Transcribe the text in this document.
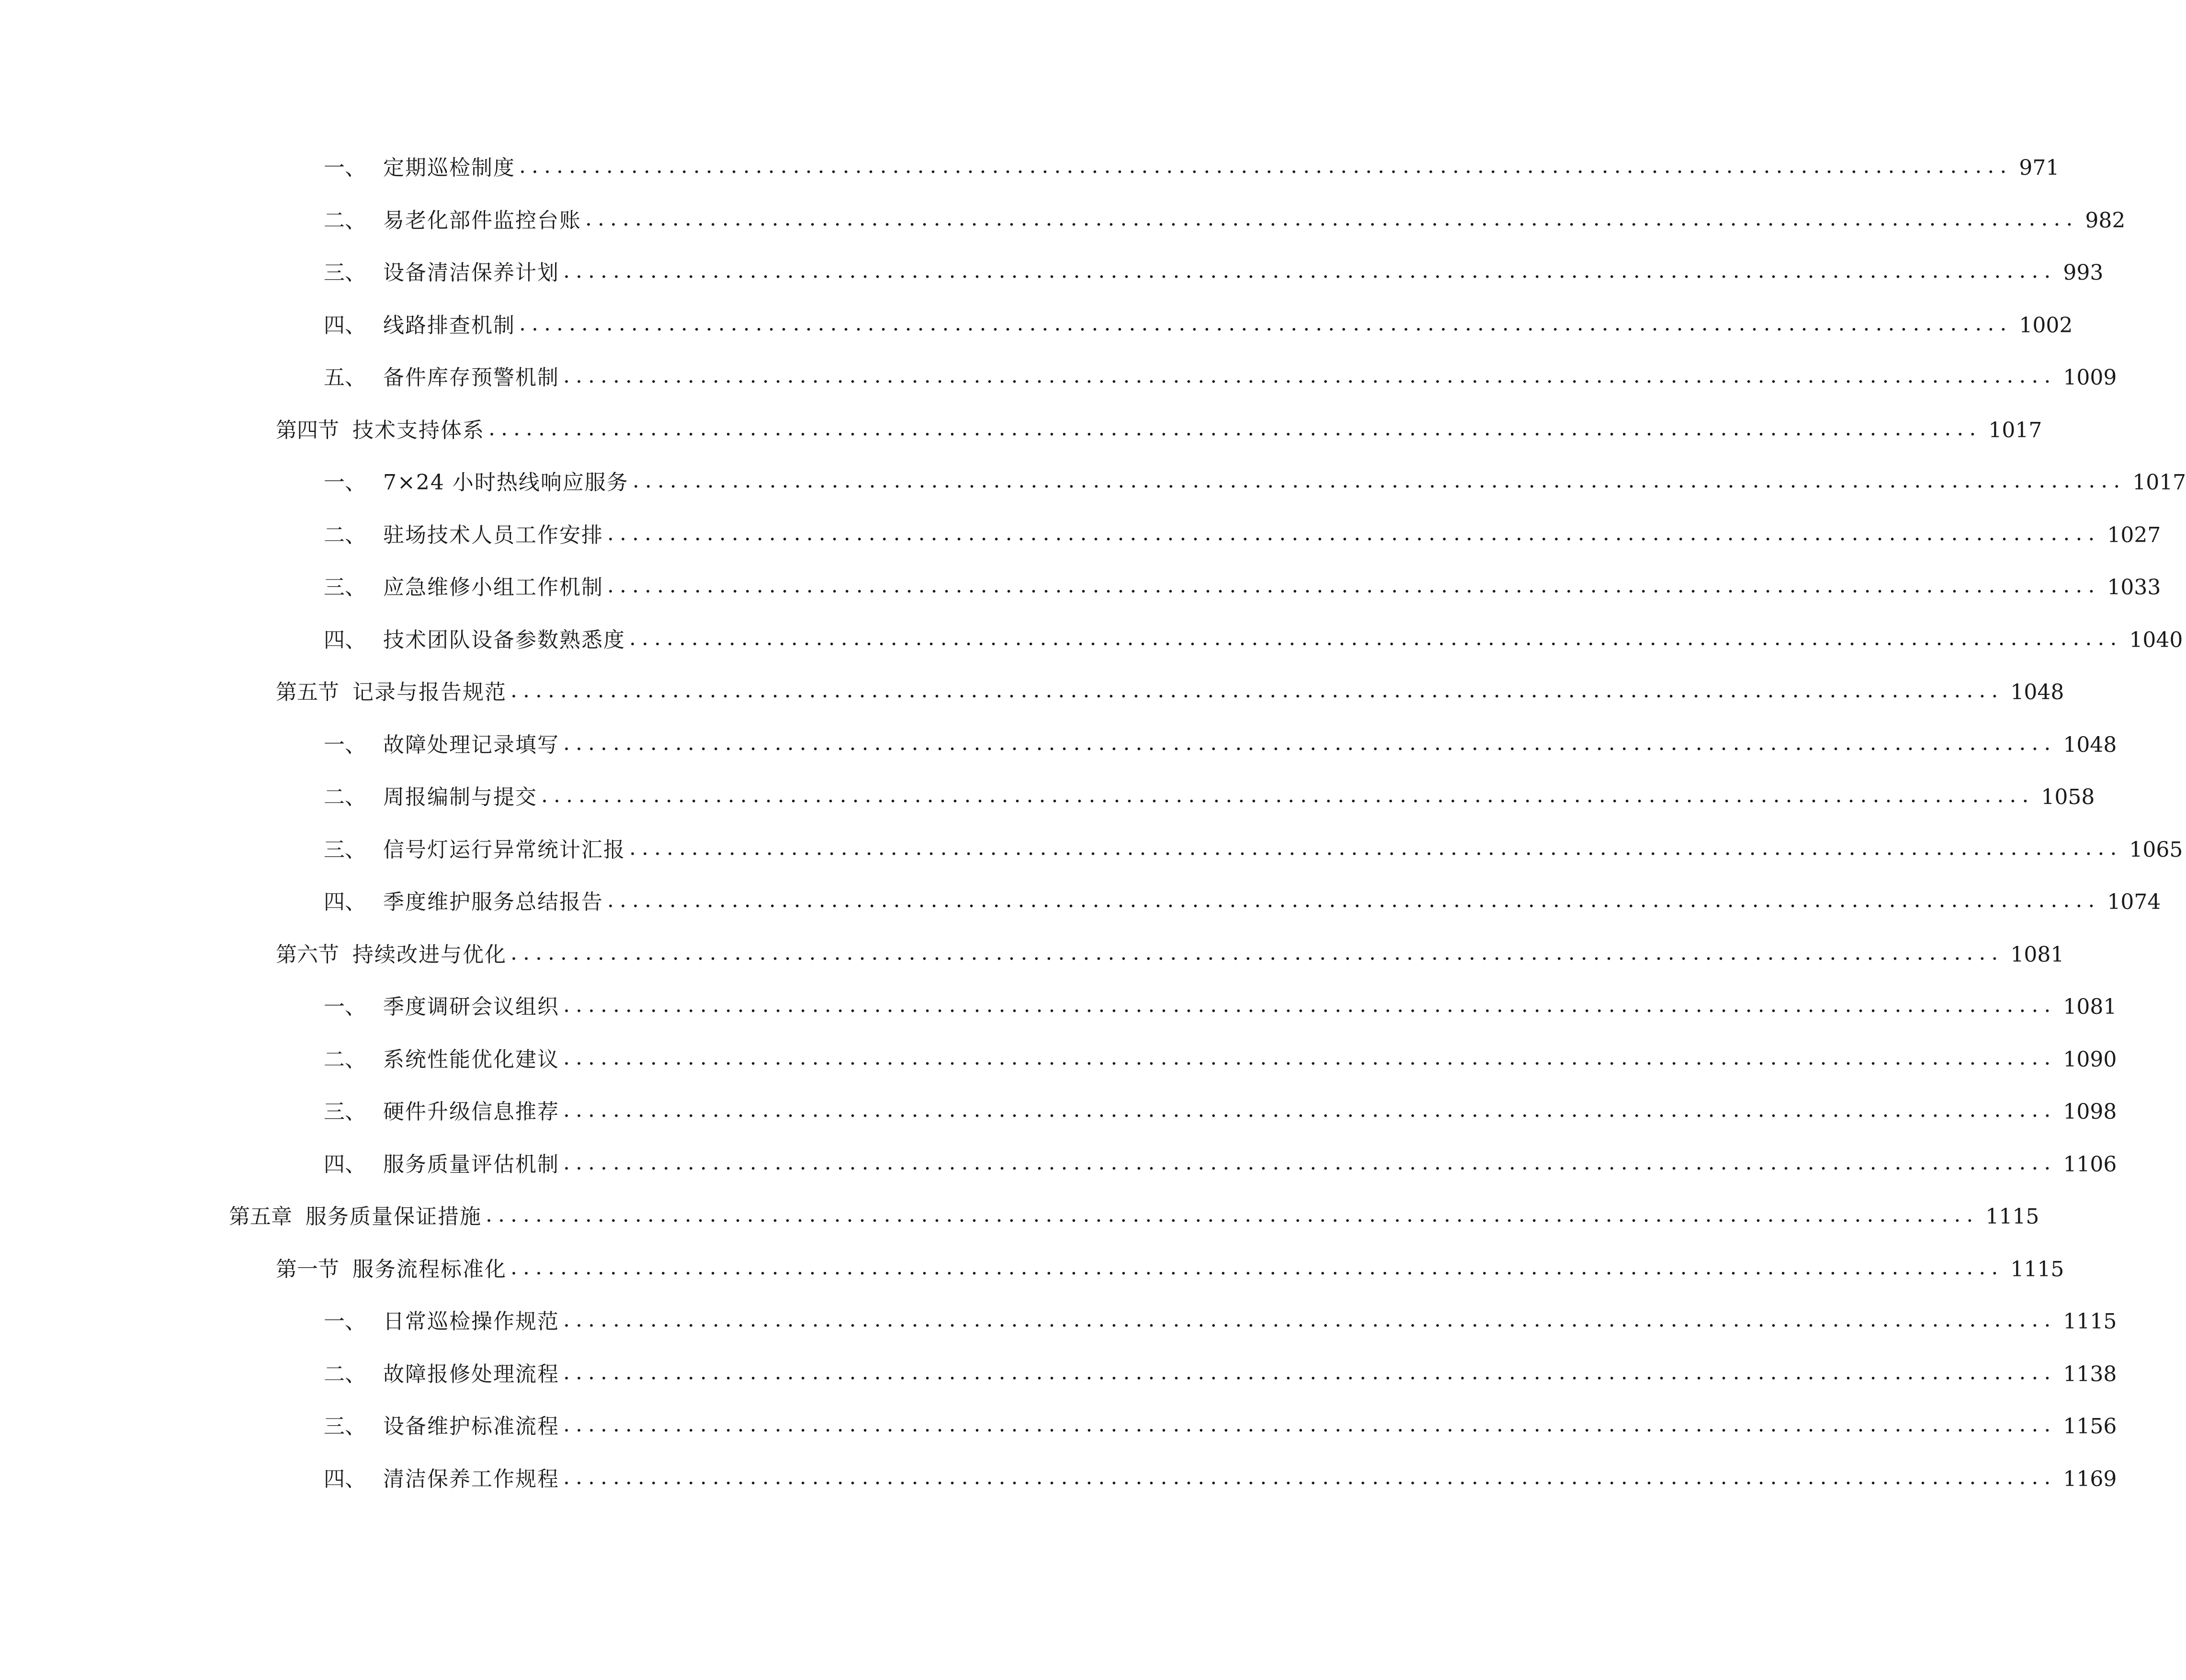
一、 定期巡检制度 ........................................................................................................................ 971
二、 易老化部件监控台账 ........................................................................................................................ 982
三、 设备清洁保养计划 ........................................................................................................................ 993
四、 线路排查机制 ........................................................................................................................ 1002
五、 备件库存预警机制 ........................................................................................................................ 1009
第四节 技术支持体系 ........................................................................................................................ 1017
一、 7×24 小时热线响应服务 ........................................................................................................................ 1017
二、 驻场技术人员工作安排 ........................................................................................................................ 1027
三、 应急维修小组工作机制 ........................................................................................................................ 1033
四、 技术团队设备参数熟悉度 ........................................................................................................................ 1040
第五节 记录与报告规范 ........................................................................................................................ 1048
一、 故障处理记录填写 ........................................................................................................................ 1048
二、 周报编制与提交 ........................................................................................................................ 1058
三、 信号灯运行异常统计汇报 ........................................................................................................................ 1065
四、 季度维护服务总结报告 ........................................................................................................................ 1074
第六节 持续改进与优化 ........................................................................................................................ 1081
一、 季度调研会议组织 ........................................................................................................................ 1081
二、 系统性能优化建议 ........................................................................................................................ 1090
三、 硬件升级信息推荐 ........................................................................................................................ 1098
四、 服务质量评估机制 ........................................................................................................................ 1106
第五章 服务质量保证措施 ........................................................................................................................ 1115
第一节 服务流程标准化 ........................................................................................................................ 1115
一、 日常巡检操作规范 ........................................................................................................................ 1115
二、 故障报修处理流程 ........................................................................................................................ 1138
三、 设备维护标准流程 ........................................................................................................................ 1156
四、 清洁保养工作规程 ........................................................................................................................ 1169
